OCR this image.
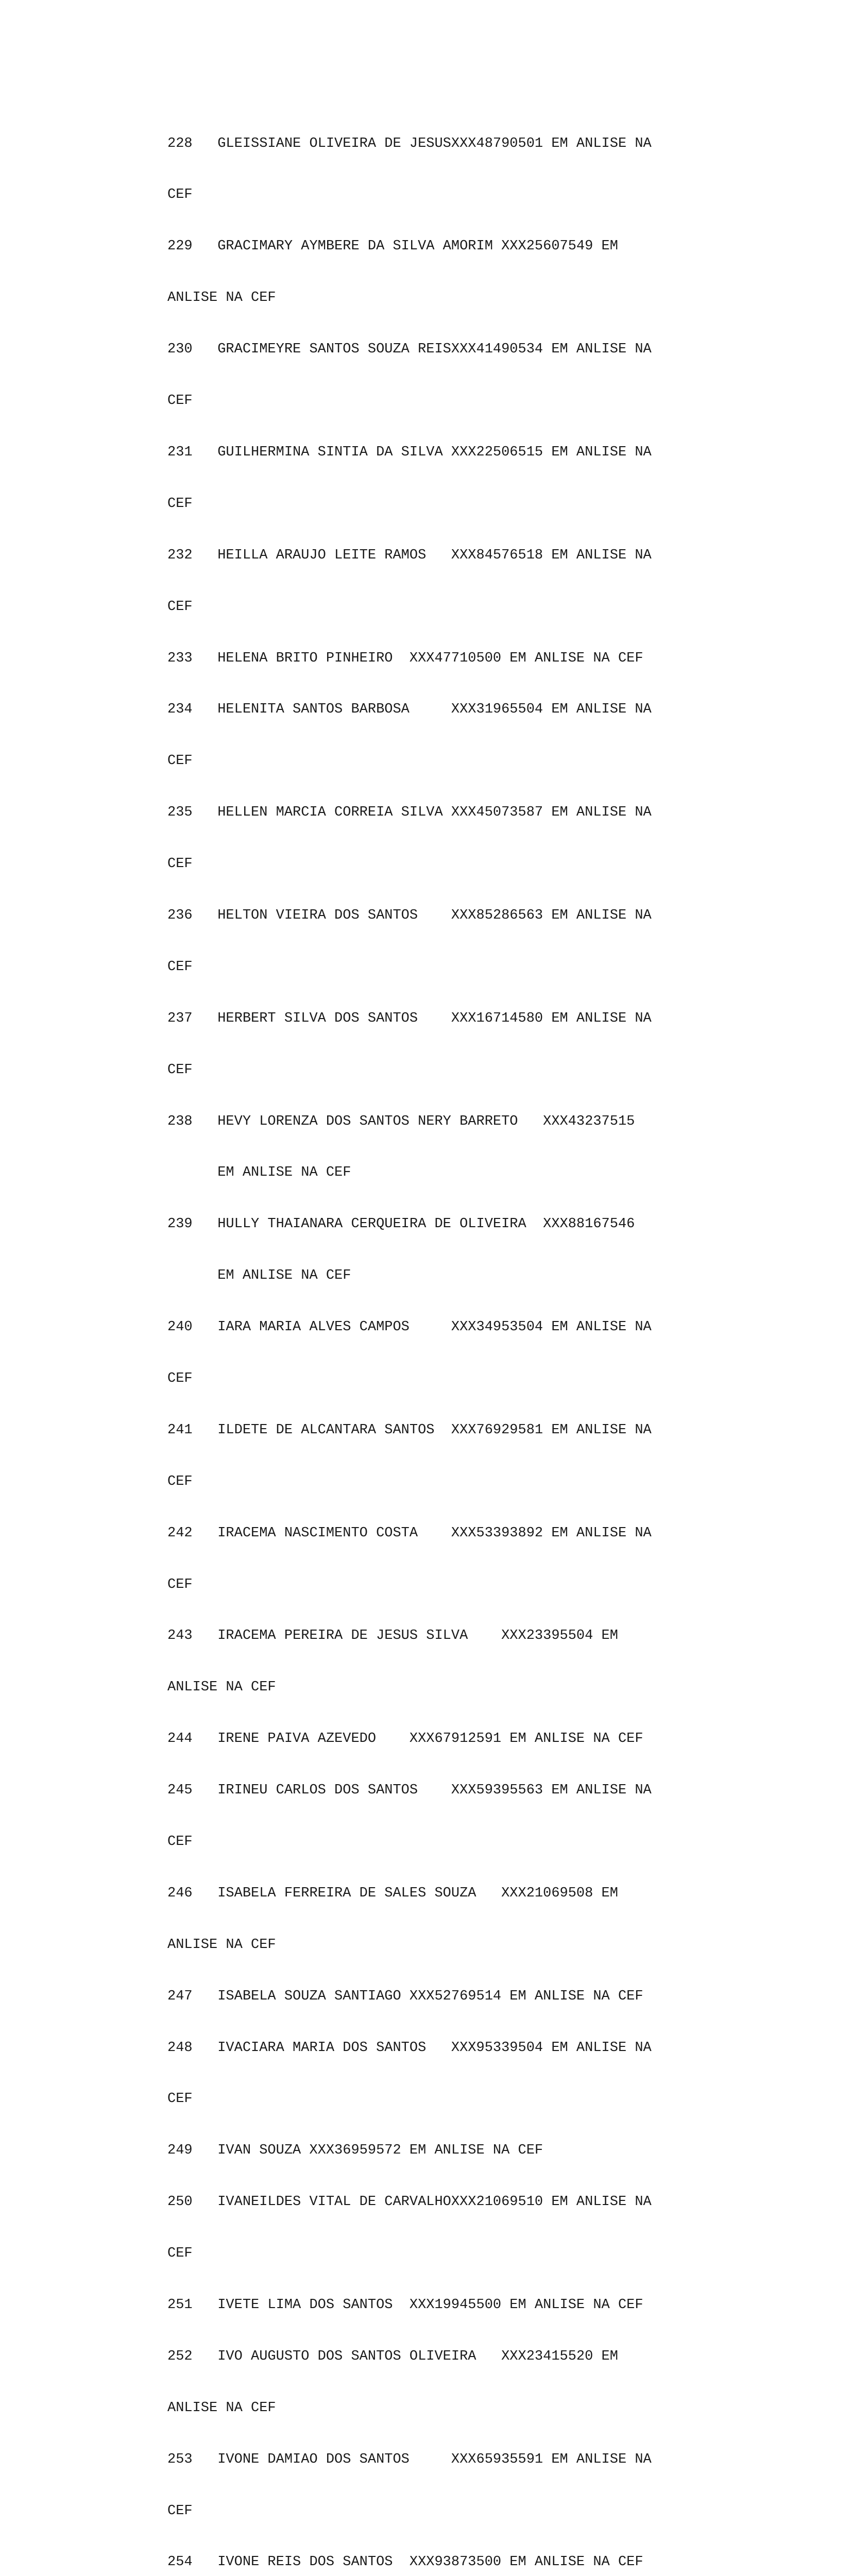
228   GLEISSIANE OLIVEIRA DE JESUSXXX48790501 EM ANLISE NA

CEF

229   GRACIMARY AYMBERE DA SILVA AMORIM XXX25607549 EM

ANLISE NA CEF

230   GRACIMEYRE SANTOS SOUZA REISXXX41490534 EM ANLISE NA

CEF

231   GUILHERMINA SINTIA DA SILVA XXX22506515 EM ANLISE NA

CEF

232   HEILLA ARAUJO LEITE RAMOS   XXX84576518 EM ANLISE NA

CEF

233   HELENA BRITO PINHEIRO  XXX47710500 EM ANLISE NA CEF

234   HELENITA SANTOS BARBOSA     XXX31965504 EM ANLISE NA

CEF

235   HELLEN MARCIA CORREIA SILVA XXX45073587 EM ANLISE NA

CEF

236   HELTON VIEIRA DOS SANTOS    XXX85286563 EM ANLISE NA

CEF

237   HERBERT SILVA DOS SANTOS    XXX16714580 EM ANLISE NA

CEF

238   HEVY LORENZA DOS SANTOS NERY BARRETO   XXX43237515

EM ANLISE NA CEF

239   HULLY THAIANARA CERQUEIRA DE OLIVEIRA  XXX88167546

EM ANLISE NA CEF

240   IARA MARIA ALVES CAMPOS     XXX34953504 EM ANLISE NA

CEF

241   ILDETE DE ALCANTARA SANTOS  XXX76929581 EM ANLISE NA

CEF

242   IRACEMA NASCIMENTO COSTA    XXX53393892 EM ANLISE NA

CEF

243   IRACEMA PEREIRA DE JESUS SILVA    XXX23395504 EM

ANLISE NA CEF

244   IRENE PAIVA AZEVEDO    XXX67912591 EM ANLISE NA CEF

245   IRINEU CARLOS DOS SANTOS    XXX59395563 EM ANLISE NA

CEF

246   ISABELA FERREIRA DE SALES SOUZA   XXX21069508 EM

ANLISE NA CEF

247   ISABELA SOUZA SANTIAGO XXX52769514 EM ANLISE NA CEF

248   IVACIARA MARIA DOS SANTOS   XXX95339504 EM ANLISE NA

CEF

249   IVAN SOUZA XXX36959572 EM ANLISE NA CEF

250   IVANEILDES VITAL DE CARVALHOXXX21069510 EM ANLISE NA

CEF

251   IVETE LIMA DOS SANTOS  XXX19945500 EM ANLISE NA CEF

252   IVO AUGUSTO DOS SANTOS OLIVEIRA   XXX23415520 EM

ANLISE NA CEF

253   IVONE DAMIAO DOS SANTOS     XXX65935591 EM ANLISE NA

CEF

254   IVONE REIS DOS SANTOS  XXX93873500 EM ANLISE NA CEF
